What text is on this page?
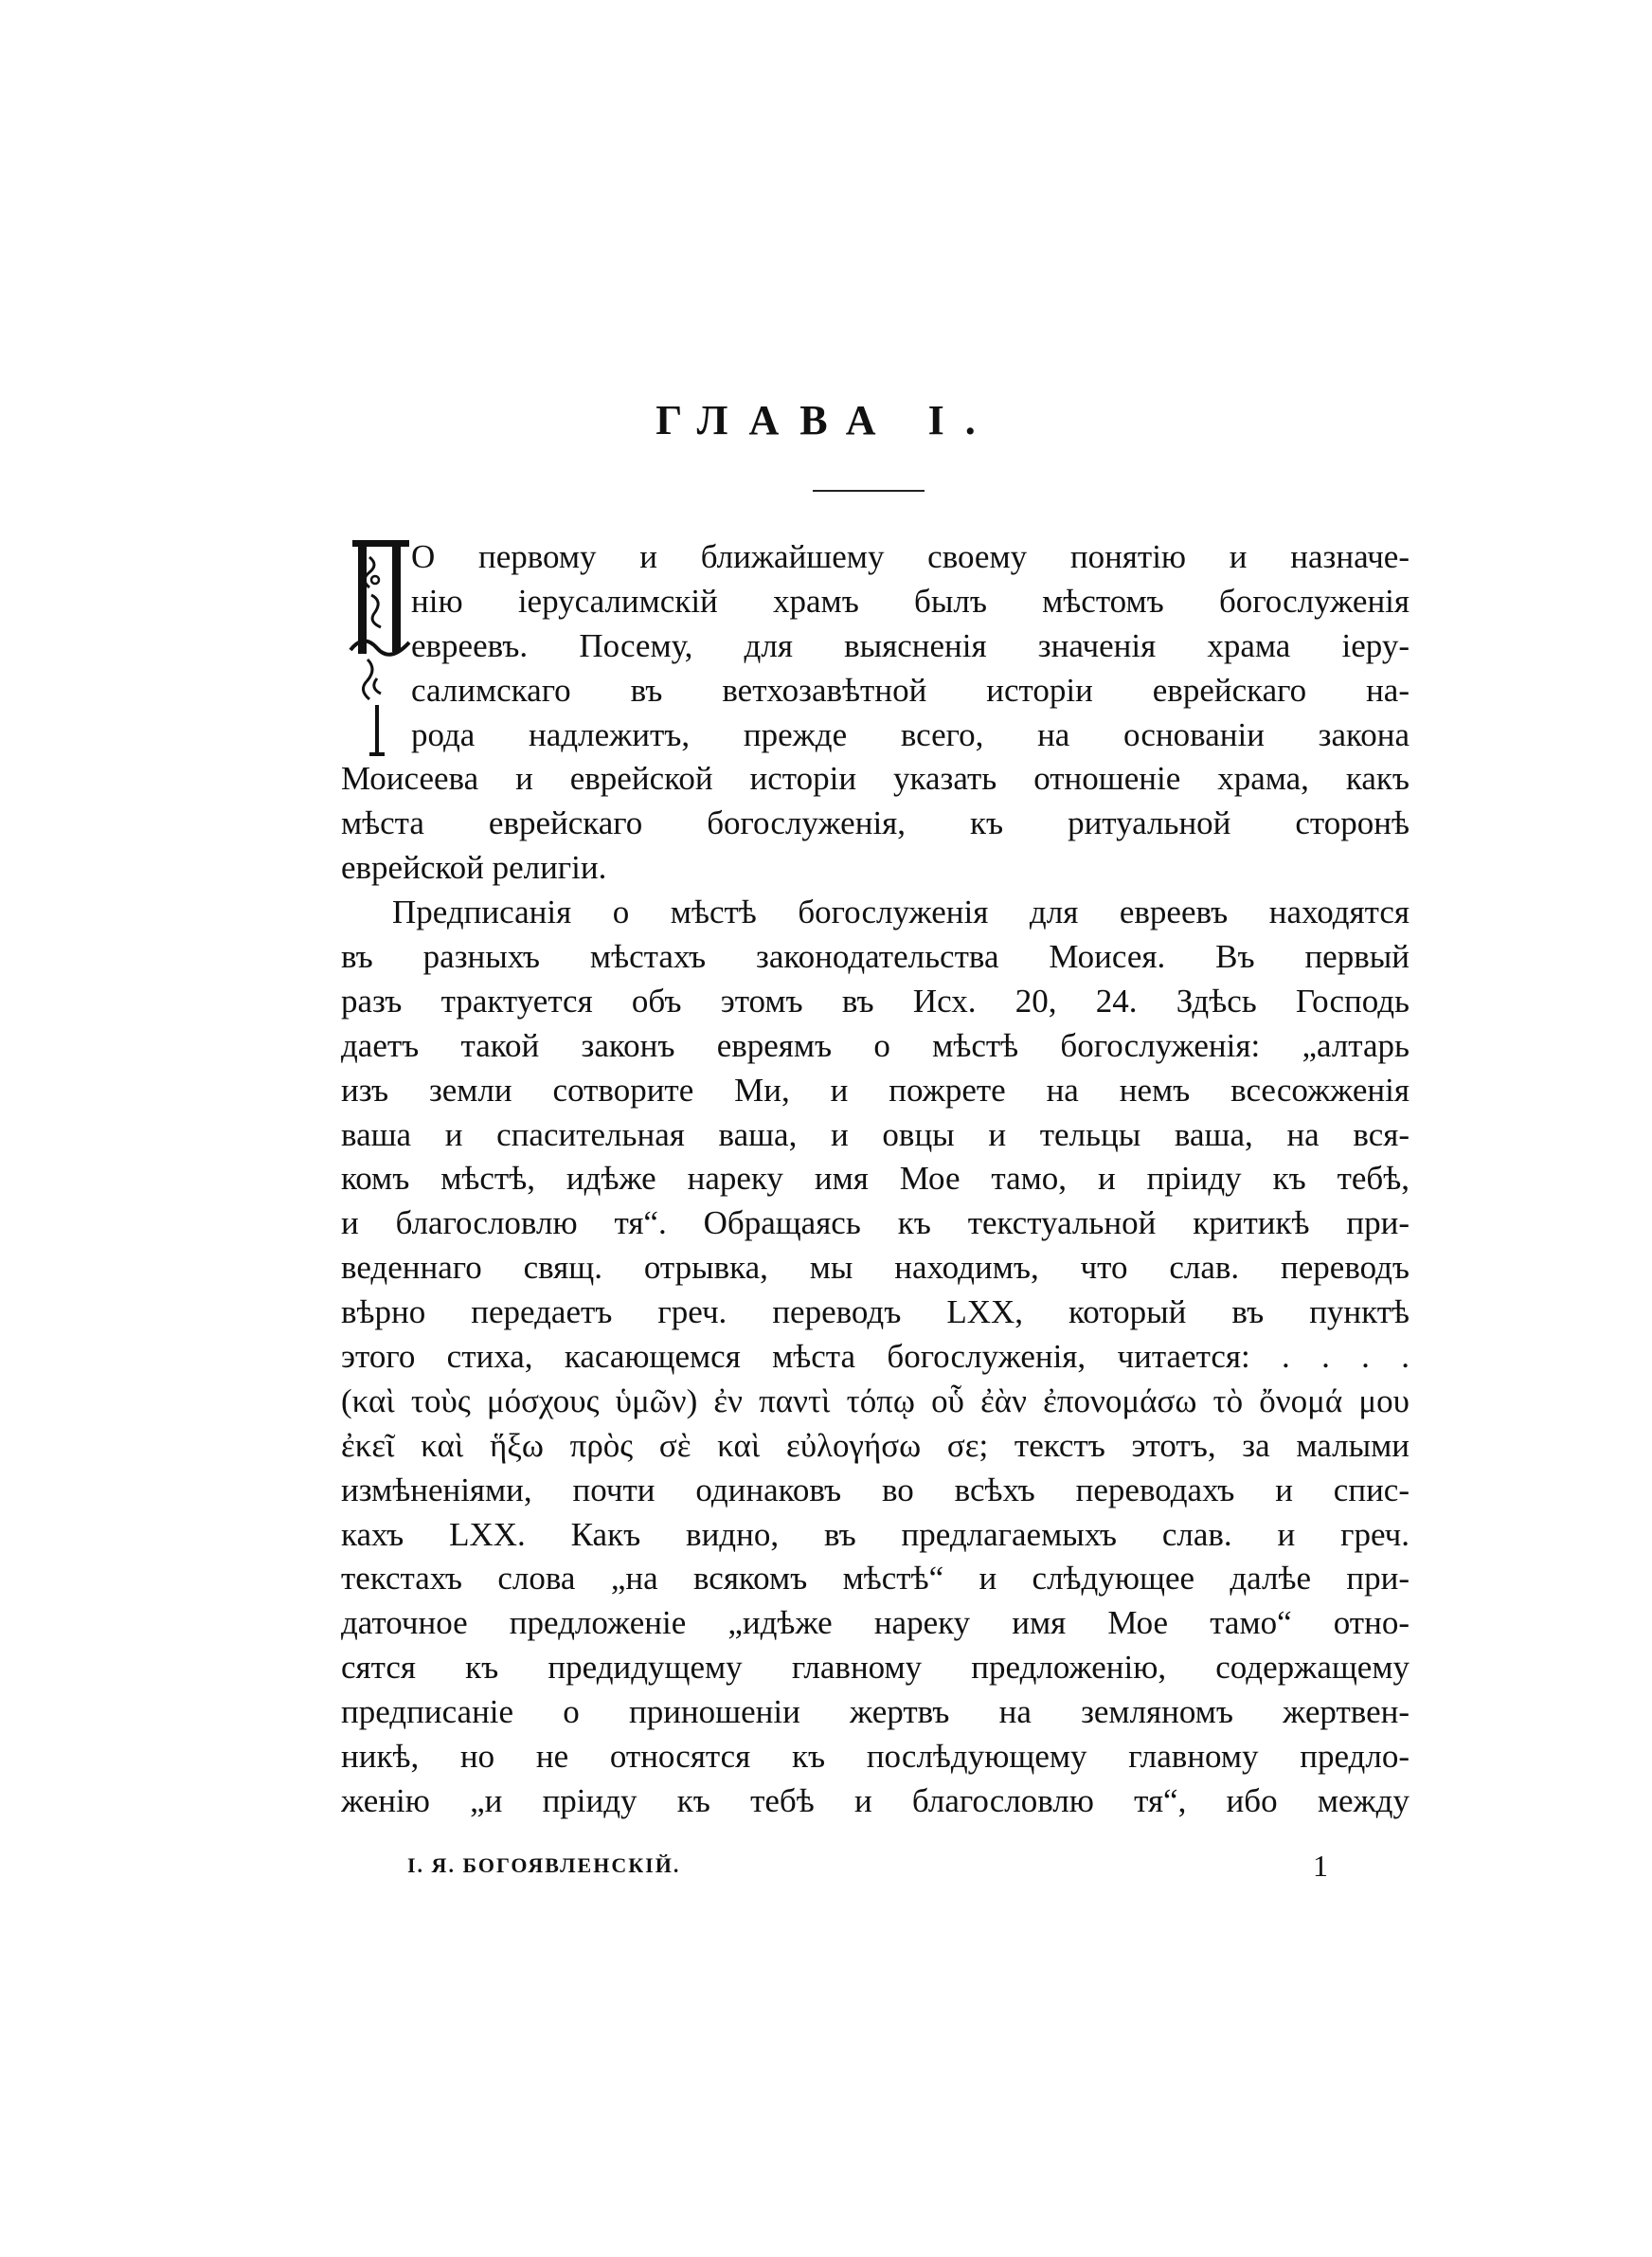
ГЛАВА I.
О первому и ближайшему своему понятію и назначе-
нію іерусалимскій храмъ былъ мѣстомъ богослуженія
евреевъ. Посему, для выясненія значенія храма іеру-
салимскаго въ ветхозавѣтной исторіи еврейскаго на-
рода надлежитъ, прежде всего, на основаніи закона
Моисеева и еврейской исторіи указать отношеніе храма, какъ
мѣста еврейскаго богослуженія, къ ритуальной сторонѣ
еврейской религіи.
Предписанія о мѣстѣ богослуженія для евреевъ находятся
въ разныхъ мѣстахъ законодательства Моисея. Въ первый
разъ трактуется объ этомъ въ Исх. 20, 24. Здѣсь Господь
даетъ такой законъ евреямъ о мѣстѣ богослуженія: „алтарь
изъ земли сотворите Ми, и пожрете на немъ всесожженія
ваша и спасительная ваша, и овцы и тельцы ваша, на вся-
комъ мѣстѣ, идѣже нареку имя Мое тамо, и пріиду къ тебѣ,
и благословлю тя“. Обращаясь къ текстуальной критикѣ при-
веденнаго свящ. отрывка, мы находимъ, что слав. переводъ
вѣрно передаетъ греч. переводъ LXX, который въ пунктѣ
этого стиха, касающемся мѣста богослуженія, читается: . . . .
(καὶ τοὺς μόσχους ὑμῶν) ἐν παντὶ τόπῳ οὗ ἐὰν ἐπονομάσω τὸ ὄνομά μου
ἐκεῖ καὶ ἥξω πρὸς σὲ καὶ εὐλογήσω σε; текстъ этотъ, за малыми
измѣненіями, почти одинаковъ во всѣхъ переводахъ и спис-
кахъ LXX. Какъ видно, въ предлагаемыхъ слав. и греч.
текстахъ слова „на всякомъ мѣстѣ“ и слѣдующее далѣе при-
даточное предложеніе „идѣже нареку имя Мое тамо“ отно-
сятся къ предидущему главному предложенію, содержащему
предписаніе о приношеніи жертвъ на земляномъ жертвен-
никѣ, но не относятся къ послѣдующему главному предло-
женію „и пріиду къ тебѣ и благословлю тя“, ибо между
I. Я. БОГОЯВЛЕНСКІЙ.	1
